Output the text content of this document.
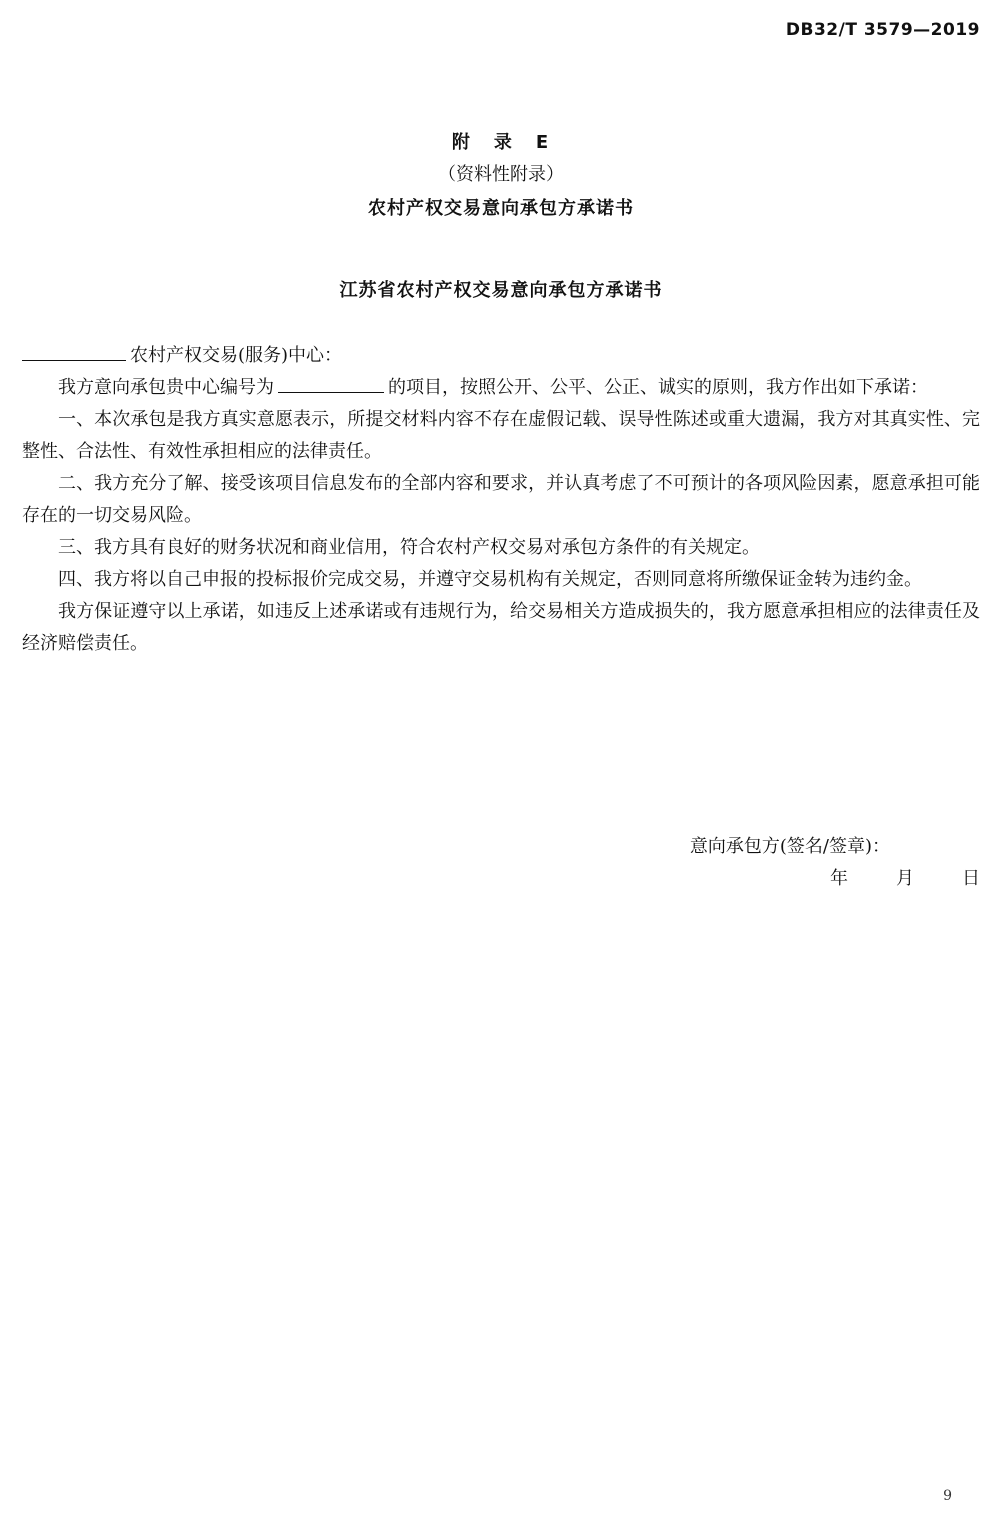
DB32/T 3579—2019
附 录 E
（资料性附录）
农村产权交易意向承包方承诺书
江苏省农村产权交易意向承包方承诺书

农村产权交易(服务)中心：

我方意向承包贵中心编号为	的项目，按照公开、公平、公正、诚实的原则，我方作出如下承诺：

一、本次承包是我方真实意愿表示，所提交材料内容不存在虚假记载、误导性陈述或重大遗漏，我方对其真实性、完整性、合法性、有效性承担相应的法律责任。

二、我方充分了解、接受该项目信息发布的全部内容和要求，并认真考虑了不可预计的各项风险因素，愿意承担可能存在的一切交易风险。

三、我方具有良好的财务状况和商业信用，符合农村产权交易对承包方条件的有关规定。

四、我方将以自己申报的投标报价完成交易，并遵守交易机构有关规定，否则同意将所缴保证金转为违约金。

我方保证遵守以上承诺，如违反上述承诺或有违规行为，给交易相关方造成损失的，我方愿意承担相应的法律责任及经济赔偿责任。

意向承包方(签名/签章)：
年	月	日
9
